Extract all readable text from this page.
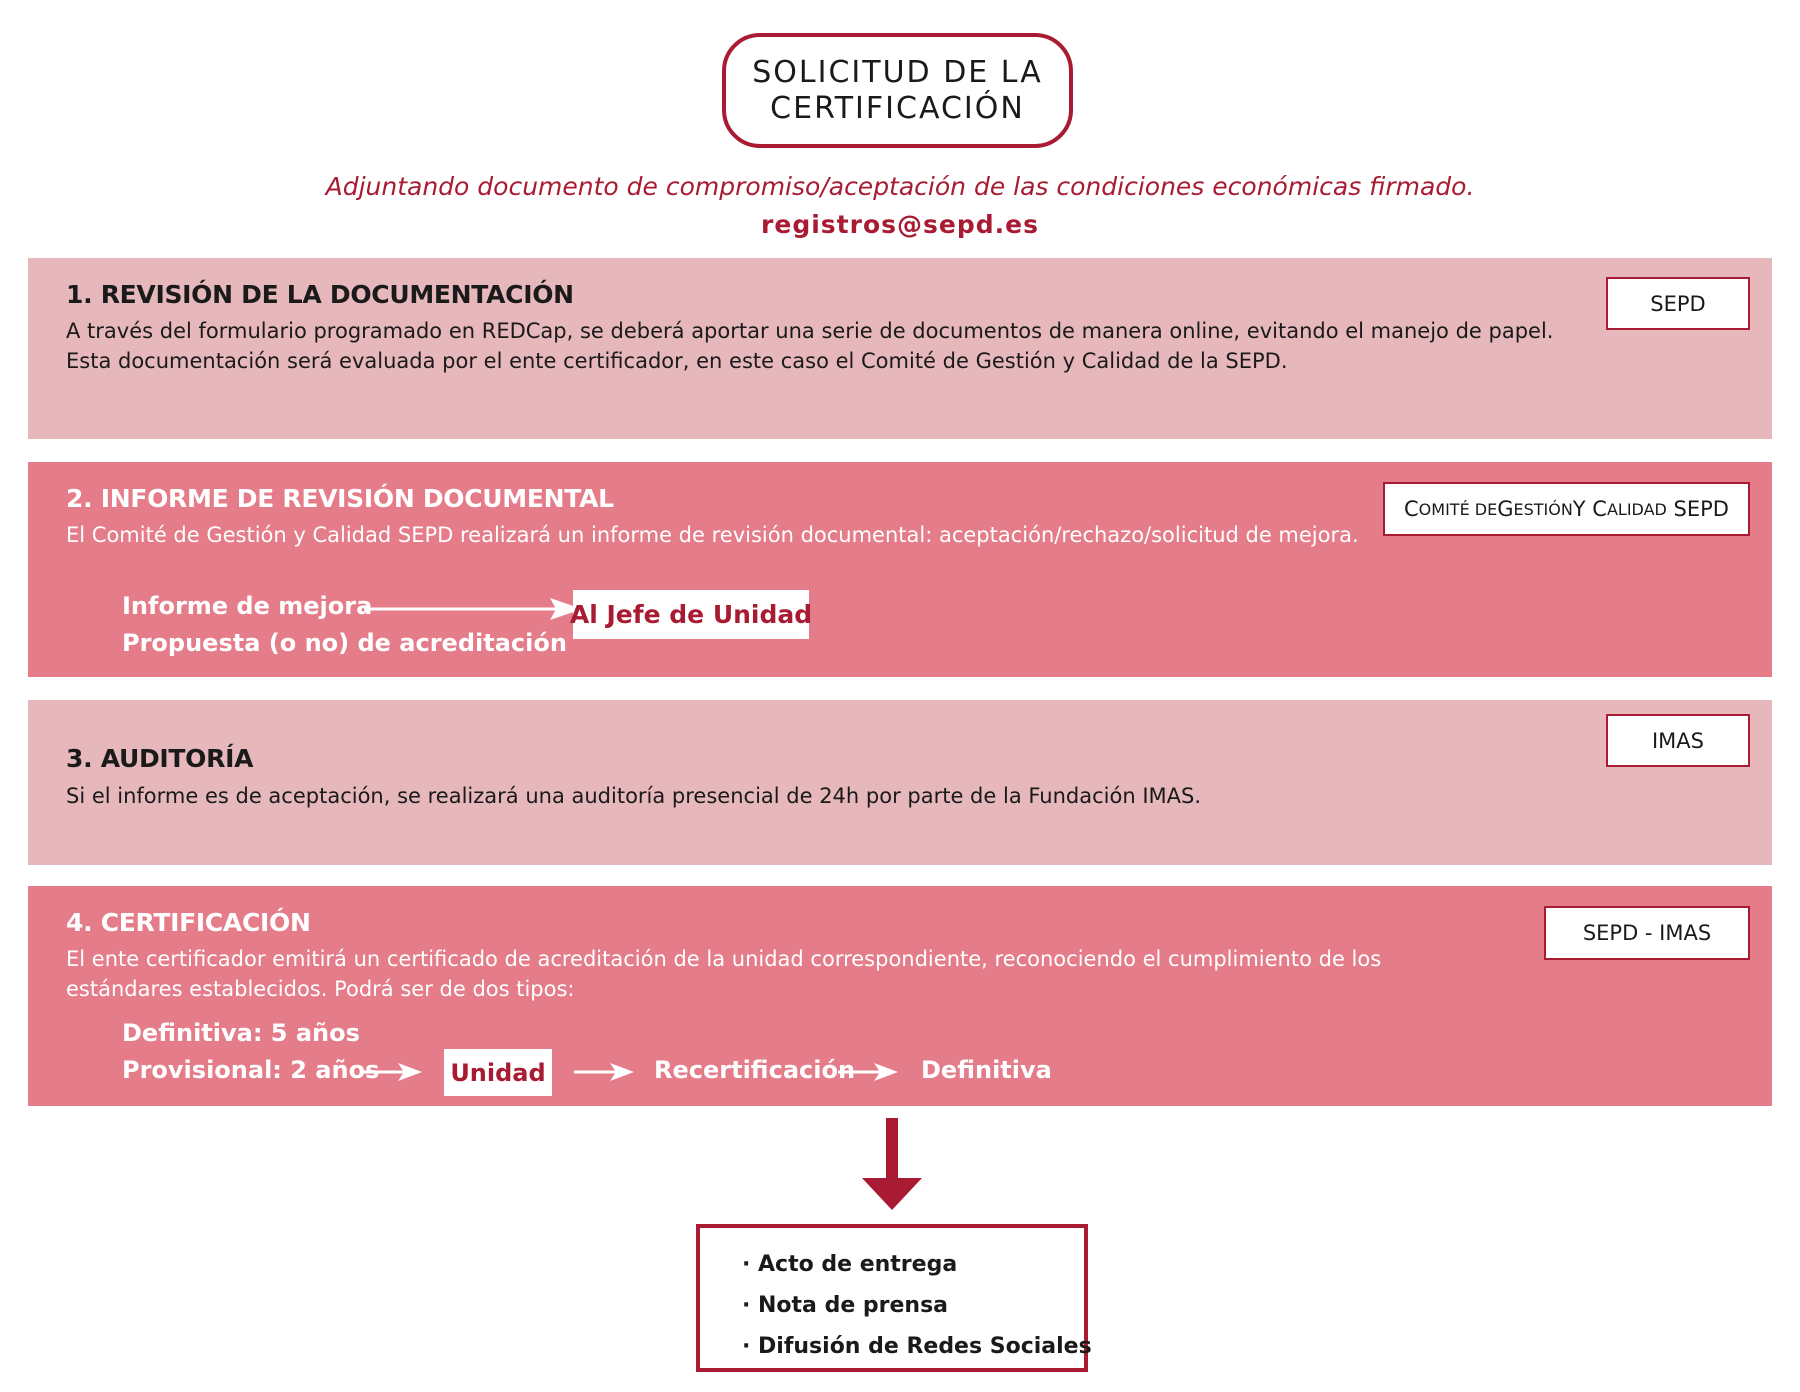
SOLICITUD DE LA
CERTIFICACIÓN
Adjuntando documento de compromiso/aceptación de las condiciones económicas firmado.
registros@sepd.es
1. REVISIÓN DE LA DOCUMENTACIÓN
A través del formulario programado en REDCap, se deberá aportar una serie de documentos de manera online, evitando el manejo de papel.
Esta documentación será evaluada por el ente certificador, en este caso el Comité de Gestión y Calidad de la SEPD.
SEPD
2. INFORME DE REVISIÓN DOCUMENTAL
El Comité de Gestión y Calidad SEPD realizará un informe de revisión documental: aceptación/rechazo/solicitud de mejora.
C OMITÉ DE G ESTIÓN Y C ALIDAD
SEPD
Informe de mejora
Propuesta (o no) de acreditación
Al Jefe de Unidad
3. AUDITORÍA
Si el informe es de aceptación, se realizará una auditoría presencial de 24h por parte de la Fundación IMAS.
IMAS
4. CERTIFICACIÓN
El ente certificador emitirá un certificado de acreditación de la unidad correspondiente, reconociendo el cumplimiento de los estándares establecidos. Podrá ser de dos tipos:
SEPD - IMAS
Definitiva: 5 años
Provisional: 2 años	Unidad	Recertificación	Definitiva
· Acto de entrega
· Nota de prensa
· Difusión de Redes Sociales
